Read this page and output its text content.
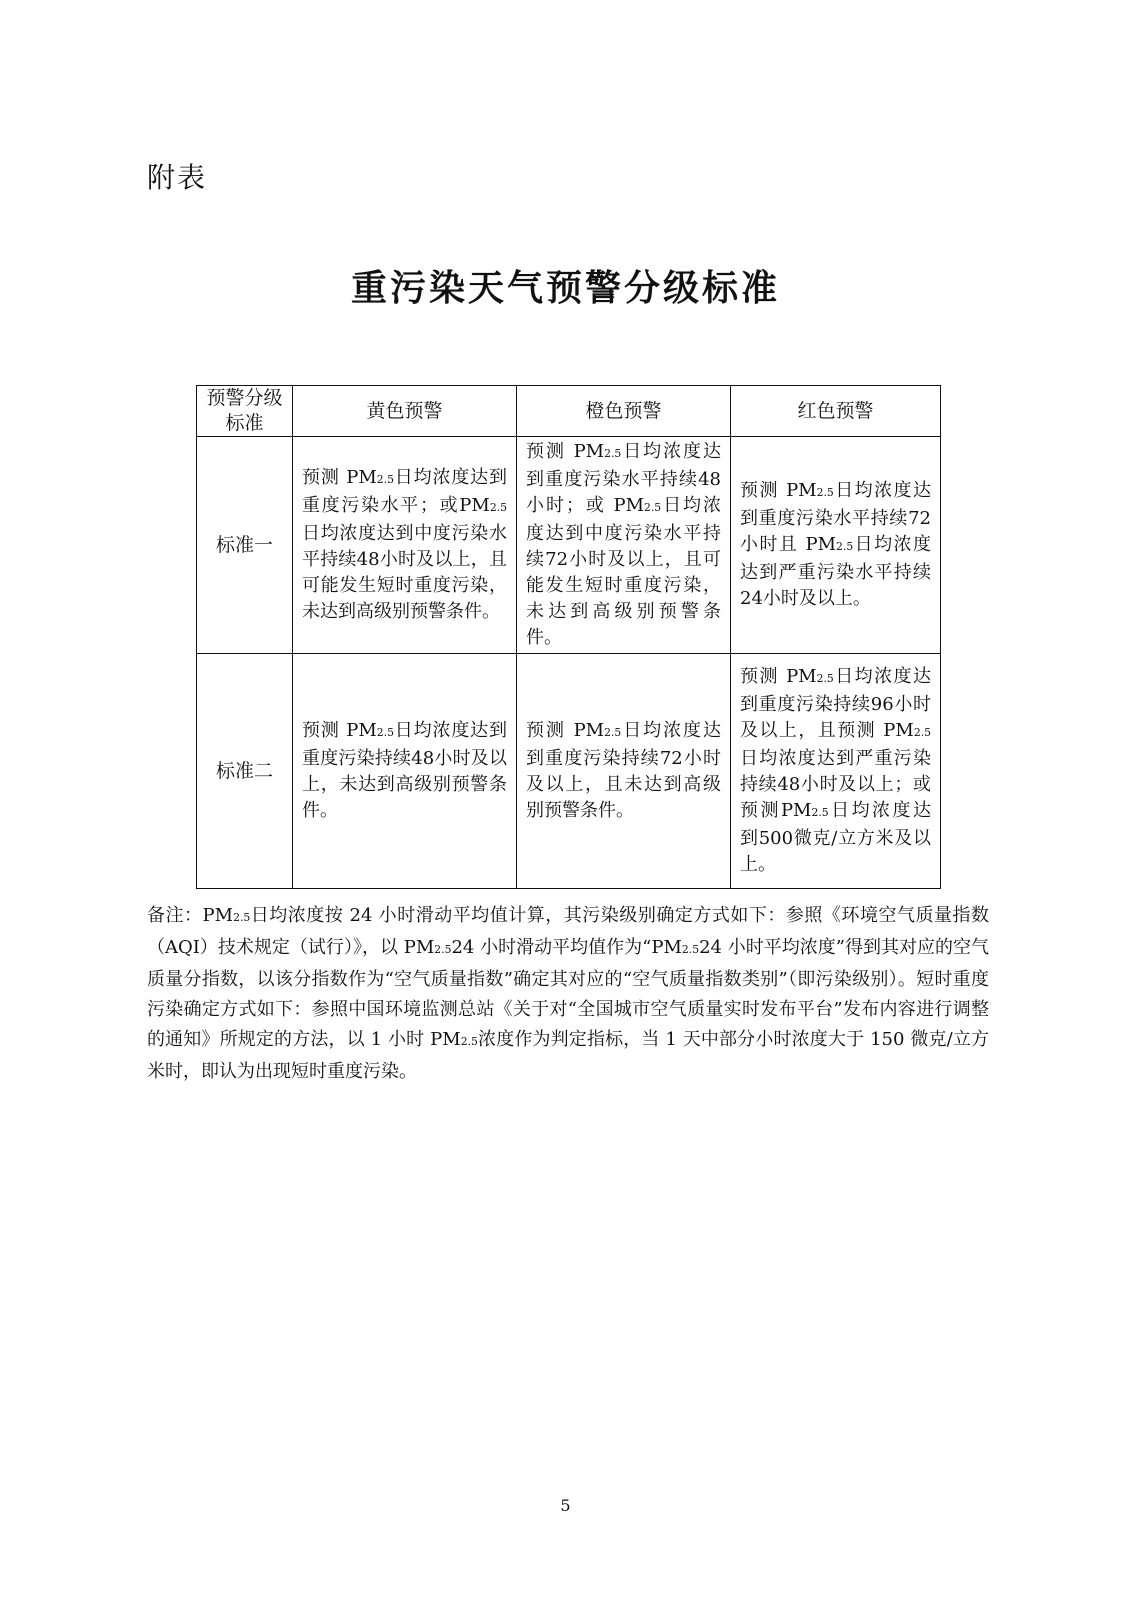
附表
重污染天气预警分级标准
预警分级标准	黄色预警	橙色预警	红色预警
标准一	预测 PM2.5日均浓度达到重度污染水平；或PM2.5日均浓度达到中度污染水平持续48小时及以上，且可能发生短时重度污染，未达到高级别预警条件。	预测 PM2.5日均浓度达到重度污染水平持续48小时；或 PM2.5日均浓度达到中度污染水平持续72小时及以上，且可能发生短时重度污染，未达到高级别预警条件。	预测 PM2.5日均浓度达到重度污染水平持续72小时且 PM2.5日均浓度达到严重污染水平持续24小时及以上。
标准二	预测 PM2.5日均浓度达到重度污染持续48小时及以上，未达到高级别预警条件。	预测 PM2.5日均浓度达到重度污染持续72小时及以上，且未达到高级别预警条件。	预测 PM2.5日均浓度达到重度污染持续96小时及以上，且预测 PM2.5日均浓度达到严重污染持续48小时及以上；或预测PM2.5日均浓度达到500微克/立方米及以上。

备注：PM2.5日均浓度按 24 小时滑动平均值计算，其污染级别确定方式如下：参照《环境空气质量指数（AQI）技术规定（试行）》，以 PM2.524 小时滑动平均值作为“PM2.524 小时平均浓度”得到其对应的空气质量分指数，以该分指数作为“空气质量指数”确定其对应的“空气质量指数类别”（即污染级别）。短时重度污染确定方式如下：参照中国环境监测总站《关于对“全国城市空气质量实时发布平台”发布内容进行调整的通知》所规定的方法，以 1 小时 PM2.5浓度作为判定指标，当 1 天中部分小时浓度大于 150 微克/立方米时，即认为出现短时重度污染。

5
